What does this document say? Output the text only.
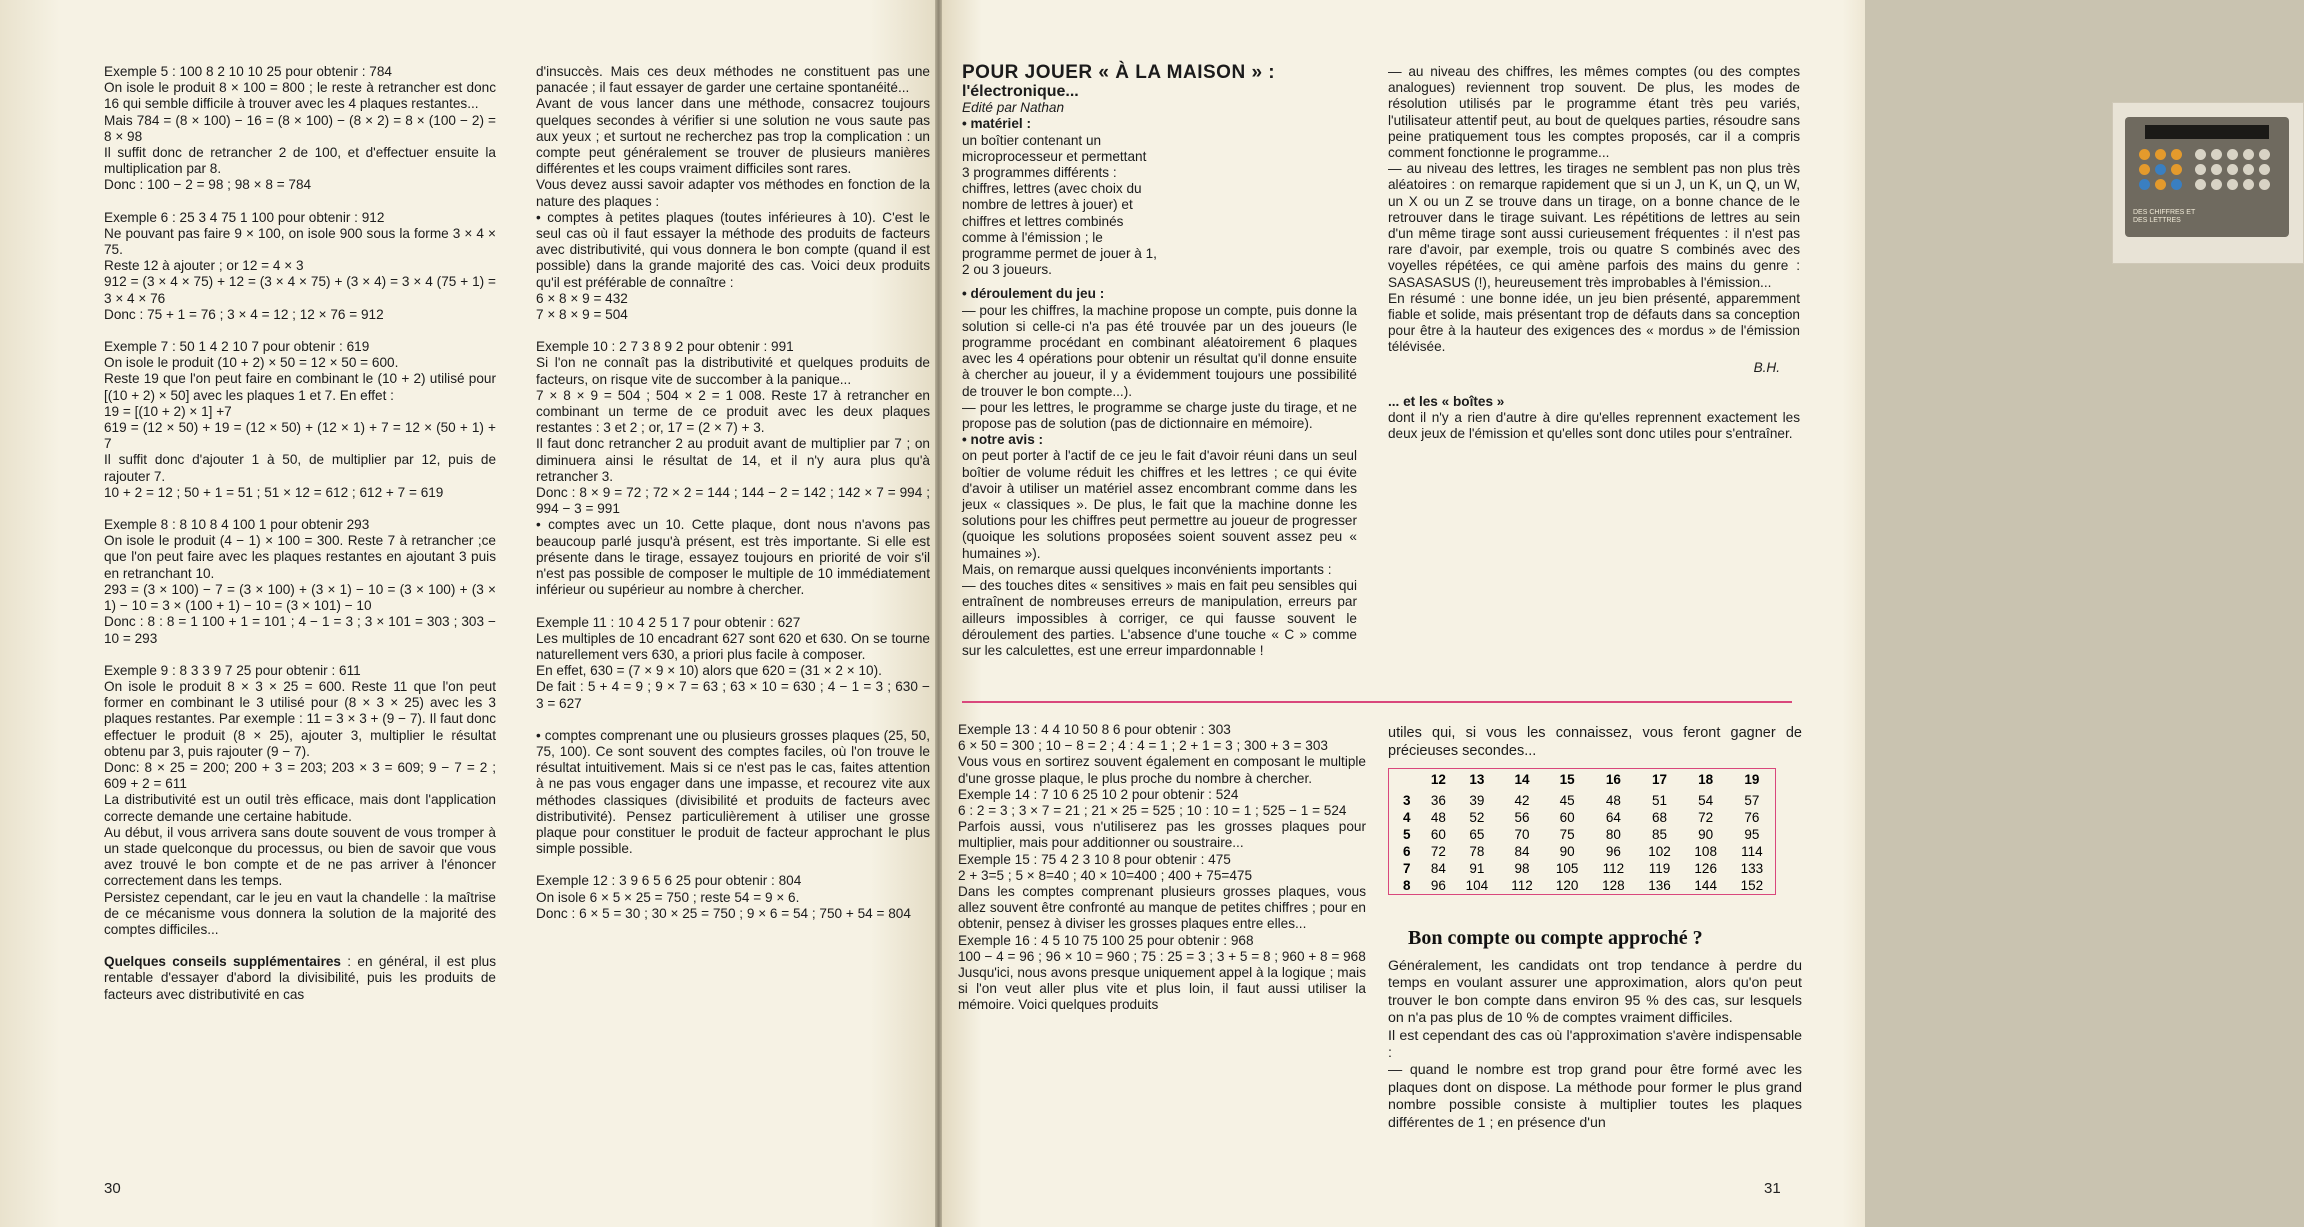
Exemple 5 : 100 8 2 10 10 25 pour obtenir : 784
On isole le produit 8 × 100 = 800 ; le reste à retrancher est donc 16 qui semble difficile à trouver avec les 4 plaques restantes...
Mais 784 = (8 × 100) − 16 = (8 × 100) − (8 × 2) = 8 × (100 − 2) = 8 × 98
Il suffit donc de retrancher 2 de 100, et d'effectuer ensuite la multiplication par 8.
Donc : 100 − 2 = 98 ; 98 × 8 = 784

Exemple 6 : 25 3 4 75 1 100 pour obtenir : 912
Ne pouvant pas faire 9 × 100, on isole 900 sous la forme 3 × 4 × 75.
Reste 12 à ajouter ; or 12 = 4 × 3
912 = (3 × 4 × 75) + 12 = (3 × 4 × 75) + (3 × 4) = 3 × 4 (75 + 1) = 3 × 4 × 76
Donc : 75 + 1 = 76 ; 3 × 4 = 12 ; 12 × 76 = 912

Exemple 7 : 50 1 4 2 10 7 pour obtenir : 619
On isole le produit (10 + 2) × 50 = 12 × 50 = 600.
Reste 19 que l'on peut faire en combinant le (10 + 2) utilisé pour [(10 + 2) × 50] avec les plaques 1 et 7. En effet :
19 = [(10 + 2) × 1] +7
619 = (12 × 50) + 19 = (12 × 50) + (12 × 1) + 7 = 12 × (50 + 1) + 7
Il suffit donc d'ajouter 1 à 50, de multiplier par 12, puis de rajouter 7.
10 + 2 = 12 ; 50 + 1 = 51 ; 51 × 12 = 612 ; 612 + 7 = 619

Exemple 8 : 8 10 8 4 100 1 pour obtenir 293
On isole le produit (4 − 1) × 100 = 300. Reste 7 à retrancher ;ce que l'on peut faire avec les plaques restantes en ajoutant 3 puis en retranchant 10.
293 = (3 × 100) − 7 = (3 × 100) + (3 × 1) − 10 = (3 × 100) + (3 × 1) − 10 = 3 × (100 + 1) − 10 = (3 × 101) − 10
Donc : 8 : 8 = 1 100 + 1 = 101 ; 4 − 1 = 3 ; 3 × 101 = 303 ; 303 − 10 = 293

Exemple 9 : 8 3 3 9 7 25 pour obtenir : 611
On isole le produit 8 × 3 × 25 = 600. Reste 11 que l'on peut former en combinant le 3 utilisé pour (8 × 3 × 25) avec les 3 plaques restantes. Par exemple : 11 = 3 × 3 + (9 − 7). Il faut donc effectuer le produit (8 × 25), ajouter 3, multiplier le résultat obtenu par 3, puis rajouter (9 − 7).
Donc: 8 × 25 = 200; 200 + 3 = 203; 203 × 3 = 609; 9 − 7 = 2 ; 609 + 2 = 611
La distributivité est un outil très efficace, mais dont l'application correcte demande une certaine habitude.
Au début, il vous arrivera sans doute souvent de vous tromper à un stade quelconque du processus, ou bien de savoir que vous avez trouvé le bon compte et de ne pas arriver à l'énoncer correctement dans les temps.
Persistez cependant, car le jeu en vaut la chandelle : la maîtrise de ce mécanisme vous donnera la solution de la majorité des comptes difficiles...

Quelques conseils supplémentaires : en général, il est plus rentable d'essayer d'abord la divisibilité, puis les produits de facteurs avec distributivité en cas

d'insuccès. Mais ces deux méthodes ne constituent pas une panacée ; il faut essayer de garder une certaine spontanéité...
Avant de vous lancer dans une méthode, consacrez toujours quelques secondes à vérifier si une solution ne vous saute pas aux yeux ; et surtout ne recherchez pas trop la complication : un compte peut généralement se trouver de plusieurs manières différentes et les coups vraiment difficiles sont rares.
Vous devez aussi savoir adapter vos méthodes en fonction de la nature des plaques :
• comptes à petites plaques (toutes inférieures à 10). C'est le seul cas où il faut essayer la méthode des produits de facteurs avec distributivité, qui vous donnera le bon compte (quand il est possible) dans la grande majorité des cas. Voici deux produits qu'il est préférable de connaître :
6 × 8 × 9 = 432
7 × 8 × 9 = 504

Exemple 10 : 2 7 3 8 9 2 pour obtenir : 991
Si l'on ne connaît pas la distributivité et quelques produits de facteurs, on risque vite de succomber à la panique...
7 × 8 × 9 = 504 ; 504 × 2 = 1 008. Reste 17 à retrancher en combinant un terme de ce produit avec les deux plaques restantes : 3 et 2 ; or, 17 = (2 × 7) + 3.
Il faut donc retrancher 2 au produit avant de multiplier par 7 ; on diminuera ainsi le résultat de 14, et il n'y aura plus qu'à retrancher 3.
Donc : 8 × 9 = 72 ; 72 × 2 = 144 ; 144 − 2 = 142 ; 142 × 7 = 994 ; 994 − 3 = 991
• comptes avec un 10. Cette plaque, dont nous n'avons pas beaucoup parlé jusqu'à présent, est très importante. Si elle est présente dans le tirage, essayez toujours en priorité de voir s'il n'est pas possible de composer le multiple de 10 immédiatement inférieur ou supérieur au nombre à chercher.

Exemple 11 : 10 4 2 5 1 7 pour obtenir : 627
Les multiples de 10 encadrant 627 sont 620 et 630. On se tourne naturellement vers 630, a priori plus facile à composer.
En effet, 630 = (7 × 9 × 10) alors que 620 = (31 × 2 × 10).
De fait : 5 + 4 = 9 ; 9 × 7 = 63 ; 63 × 10 = 630 ; 4 − 1 = 3 ; 630 − 3 = 627

• comptes comprenant une ou plusieurs grosses plaques (25, 50, 75, 100). Ce sont souvent des comptes faciles, où l'on trouve le résultat intuitivement. Mais si ce n'est pas le cas, faites attention à ne pas vous engager dans une impasse, et recourez vite aux méthodes classiques (divisibilité et produits de facteurs avec distributivité). Pensez particulièrement à utiliser une grosse plaque pour constituer le produit de facteur approchant le plus simple possible.

Exemple 12 : 3 9 6 5 6 25 pour obtenir : 804
On isole 6 × 5 × 25 = 750 ; reste 54 = 9 × 6.
Donc : 6 × 5 = 30 ; 30 × 25 = 750 ; 9 × 6 = 54 ; 750 + 54 = 804

30

POUR JOUER « À LA MAISON » :

l'électronique...

Edité par Nathan

• matériel :

un boîtier contenant un microprocesseur et permettant 3 programmes différents : chiffres, lettres (avec choix du nombre de lettres à jouer) et chiffres et lettres combinés comme à l'émission ; le programme permet de jouer à 1, 2 ou 3 joueurs.

• déroulement du jeu :

— pour les chiffres, la machine propose un compte, puis donne la solution si celle-ci n'a pas été trouvée par un des joueurs (le programme procédant en combinant aléatoirement 6 plaques avec les 4 opérations pour obtenir un résultat qu'il donne ensuite à chercher au joueur, il y a évidemment toujours une possibilité de trouver le bon compte...).
— pour les lettres, le programme se charge juste du tirage, et ne propose pas de solution (pas de dictionnaire en mémoire).

• notre avis :

on peut porter à l'actif de ce jeu le fait d'avoir réuni dans un seul boîtier de volume réduit les chiffres et les lettres ; ce qui évite d'avoir à utiliser un matériel assez encombrant comme dans les jeux « classiques ». De plus, le fait que la machine donne les solutions pour les chiffres peut permettre au joueur de progresser (quoique les solutions proposées soient souvent assez peu « humaines »).
Mais, on remarque aussi quelques inconvénients importants :
— des touches dites « sensitives » mais en fait peu sensibles qui entraînent de nombreuses erreurs de manipulation, erreurs par ailleurs impossibles à corriger, ce qui fausse souvent le déroulement des parties. L'absence d'une touche « C » comme sur les calculettes, est une erreur impardonnable !

DES CHIFFRES ET DES LETTRES

— au niveau des chiffres, les mêmes comptes (ou des comptes analogues) reviennent trop souvent. De plus, les modes de résolution utilisés par le programme étant très peu variés, l'utilisateur attentif peut, au bout de quelques parties, résoudre sans peine pratiquement tous les comptes proposés, car il a compris comment fonctionne le programme...
— au niveau des lettres, les tirages ne semblent pas non plus très aléatoires : on remarque rapidement que si un J, un K, un Q, un W, un X ou un Z se trouve dans un tirage, on a bonne chance de le retrouver dans le tirage suivant. Les répétitions de lettres au sein d'un même tirage sont aussi curieusement fréquentes : il n'est pas rare d'avoir, par exemple, trois ou quatre S combinés avec des voyelles répétées, ce qui amène parfois des mains du genre : SASASASUS (!), heureusement très improbables à l'émission...
En résumé : une bonne idée, un jeu bien présenté, apparemment fiable et solide, mais présentant trop de défauts dans sa conception pour être à la hauteur des exigences des « mordus » de l'émission télévisée.

B.H.

... et les « boîtes »

dont il n'y a rien d'autre à dire qu'elles reprennent exactement les deux jeux de l'émission et qu'elles sont donc utiles pour s'entraîner.

Exemple 13 : 4 4 10 50 8 6 pour obtenir : 303
6 × 50 = 300 ; 10 − 8 = 2 ; 4 : 4 = 1 ; 2 + 1 = 3 ; 300 + 3 = 303
Vous vous en sortirez souvent également en composant le multiple d'une grosse plaque, le plus proche du nombre à chercher.
Exemple 14 : 7 10 6 25 10 2 pour obtenir : 524
6 : 2 = 3 ; 3 × 7 = 21 ; 21 × 25 = 525 ; 10 : 10 = 1 ; 525 − 1 = 524
Parfois aussi, vous n'utiliserez pas les grosses plaques pour multiplier, mais pour additionner ou soustraire...
Exemple 15 : 75 4 2 3 10 8 pour obtenir : 475
2 + 3=5 ; 5 × 8=40 ; 40 × 10=400 ; 400 + 75=475
Dans les comptes comprenant plusieurs grosses plaques, vous allez souvent être confronté au manque de petites chiffres ; pour en obtenir, pensez à diviser les grosses plaques entre elles...
Exemple 16 : 4 5 10 75 100 25 pour obtenir : 968
100 − 4 = 96 ; 96 × 10 = 960 ; 75 : 25 = 3 ; 3 + 5 = 8 ; 960 + 8 = 968
Jusqu'ici, nous avons presque uniquement appel à la logique ; mais si l'on veut aller plus vite et plus loin, il faut aussi utiliser la mémoire. Voici quelques produits

utiles qui, si vous les connaissez, vous feront gagner de précieuses secondes...

	12	13	14	15	16	17	18	19
3	36	39	42	45	48	51	54	57
4	48	52	56	60	64	68	72	76
5	60	65	70	75	80	85	90	95
6	72	78	84	90	96	102	108	114
7	84	91	98	105	112	119	126	133
8	96	104	112	120	128	136	144	152
Bon compte ou compte approché ?

Généralement, les candidats ont trop tendance à perdre du temps en voulant assurer une approximation, alors qu'on peut trouver le bon compte dans environ 95 % des cas, sur lesquels on n'a pas plus de 10 % de comptes vraiment difficiles.
Il est cependant des cas où l'approximation s'avère indispensable :
— quand le nombre est trop grand pour être formé avec les plaques dont on dispose. La méthode pour former le plus grand nombre possible consiste à multiplier toutes les plaques différentes de 1 ; en présence d'un

31
